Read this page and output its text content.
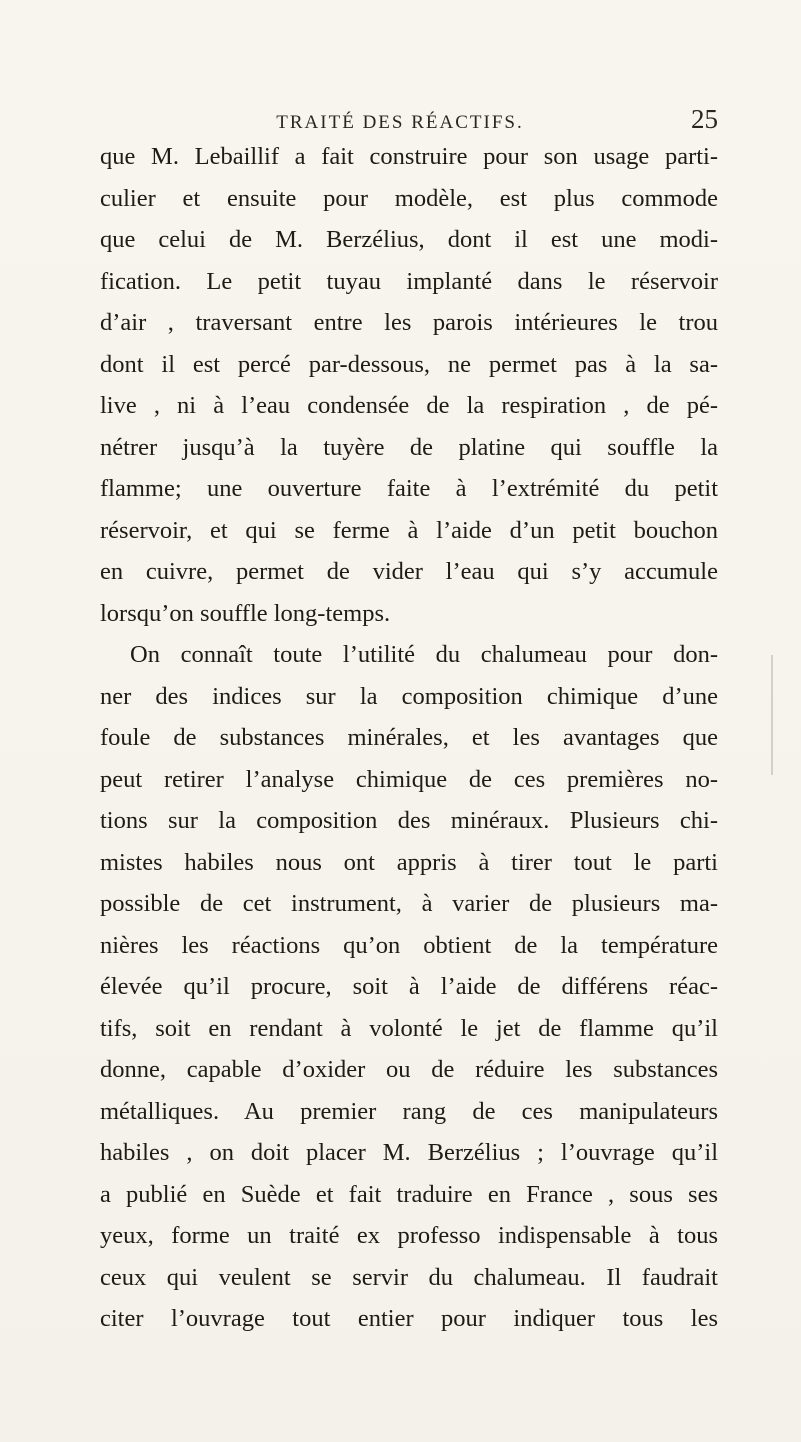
TRAITÉ DES RÉACTIFS.	25
que M. Lebaillif a fait construire pour son usage parti-
culier et ensuite pour modèle, est plus commode
que celui de M. Berzélius, dont il est une modi-
fication. Le petit tuyau implanté dans le réservoir
d’air , traversant entre les parois intérieures le trou
dont il est percé par-dessous, ne permet pas à la sa-
live , ni à l’eau condensée de la respiration , de pé-
nétrer jusqu’à la tuyère de platine qui souffle la
flamme; une ouverture faite à l’extrémité du petit
réservoir, et qui se ferme à l’aide d’un petit bouchon
en cuivre, permet de vider l’eau qui s’y accumule
lorsqu’on souffle long-temps.
On connaît toute l’utilité du chalumeau pour don-
ner des indices sur la composition chimique d’une
foule de substances minérales, et les avantages que
peut retirer l’analyse chimique de ces premières no-
tions sur la composition des minéraux. Plusieurs chi-
mistes habiles nous ont appris à tirer tout le parti
possible de cet instrument, à varier de plusieurs ma-
nières les réactions qu’on obtient de la température
élevée qu’il procure, soit à l’aide de différens réac-
tifs, soit en rendant à volonté le jet de flamme qu’il
donne, capable d’oxider ou de réduire les substances
métalliques. Au premier rang de ces manipulateurs
habiles , on doit placer M. Berzélius ; l’ouvrage qu’il
a publié en Suède et fait traduire en France , sous ses
yeux, forme un traité ex professo indispensable à tous
ceux qui veulent se servir du chalumeau. Il faudrait
citer l’ouvrage tout entier pour indiquer tous les
